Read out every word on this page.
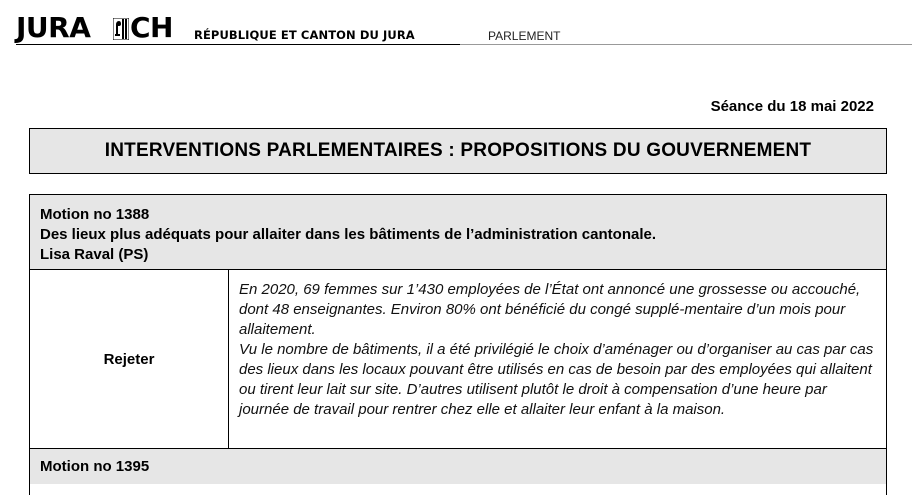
JURA CH RÉPUBLIQUE ET CANTON DU JURA	PARLEMENT
Séance du 18 mai 2022
INTERVENTIONS PARLEMENTAIRES : PROPOSITIONS DU GOUVERNEMENT
Motion no 1388
Des lieux plus adéquats pour allaiter dans les bâtiments de l’administration cantonale.
Lisa Raval (PS)
Rejeter

En 2020, 69 femmes sur 1’430 employées de l’État ont annoncé une grossesse ou accouché, dont 48 enseignantes. Environ 80% ont bénéficié du congé supplé-mentaire d’un mois pour allaitement.

Vu le nombre de bâtiments, il a été privilégié le choix d’aménager ou d’organiser au cas par cas des lieux dans les locaux pouvant être utilisés en cas de besoin par des employées qui allaitent ou tirent leur lait sur site. D’autres utilisent plutôt le droit à compensation d’une heure par journée de travail pour rentrer chez elle et allaiter leur enfant à la maison.

Motion no 1395
